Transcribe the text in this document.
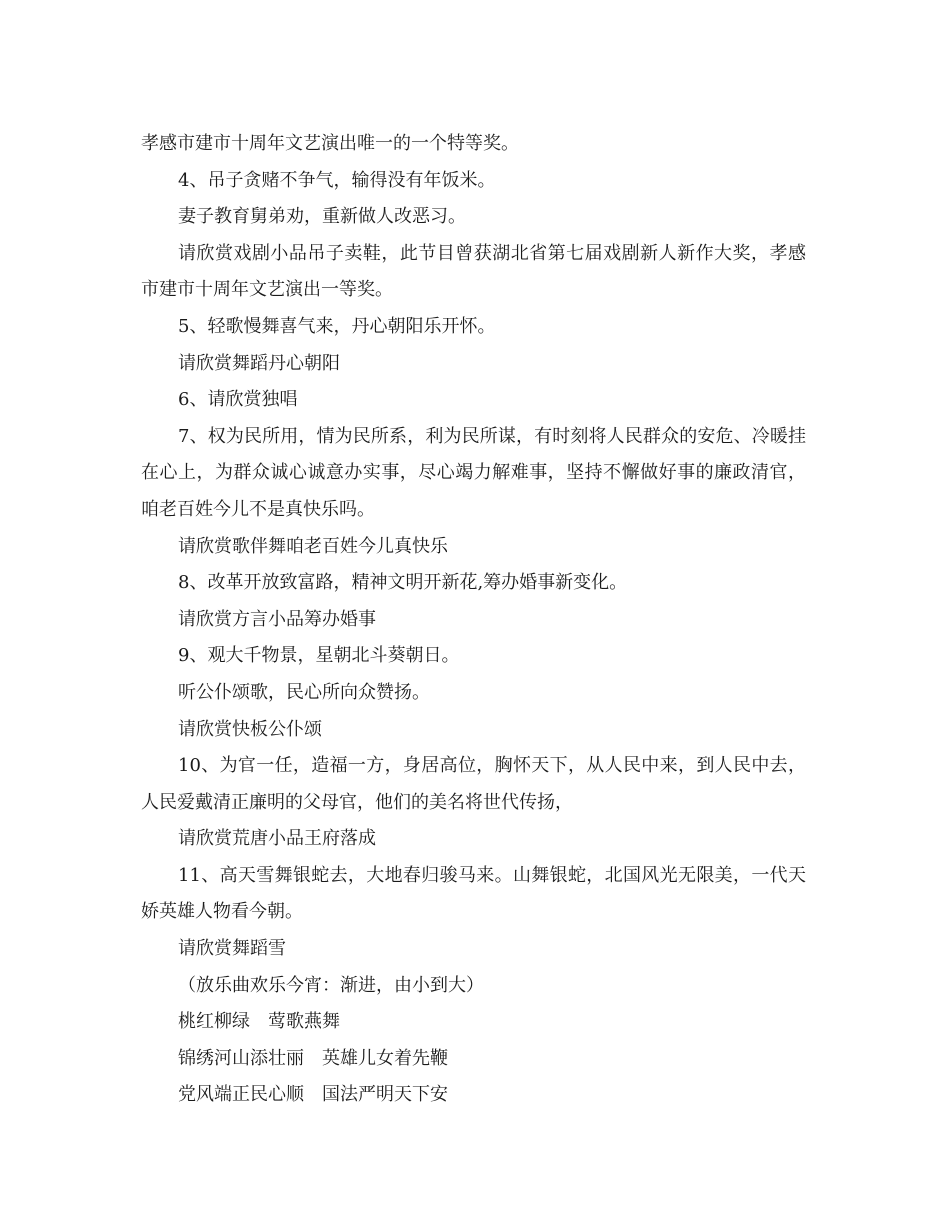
孝感市建市十周年文艺演出唯一的一个特等奖。

4、吊子贪赌不争气，输得没有年饭米。

妻子教育舅弟劝，重新做人改恶习。

请欣赏戏剧小品吊子卖鞋，此节目曾获湖北省第七届戏剧新人新作大奖，孝感市建市十周年文艺演出一等奖。

5、轻歌慢舞喜气来，丹心朝阳乐开怀。

请欣赏舞蹈丹心朝阳

6、请欣赏独唱

7、权为民所用，情为民所系，利为民所谋，有时刻将人民群众的安危、冷暖挂在心上，为群众诚心诚意办实事，尽心竭力解难事，坚持不懈做好事的廉政清官，咱老百姓今儿不是真快乐吗。

请欣赏歌伴舞咱老百姓今儿真快乐

8、改革开放致富路，精神文明开新花,筹办婚事新变化。

请欣赏方言小品筹办婚事

9、观大千物景，星朝北斗葵朝日。

听公仆颂歌，民心所向众赞扬。

请欣赏快板公仆颂

10、为官一任，造福一方，身居高位，胸怀天下，从人民中来，到人民中去，人民爱戴清正廉明的父母官，他们的美名将世代传扬，

请欣赏荒唐小品王府落成

11、高天雪舞银蛇去，大地春归骏马来。山舞银蛇，北国风光无限美，一代天娇英雄人物看今朝。

请欣赏舞蹈雪

（放乐曲欢乐今宵：渐进，由小到大）

桃红柳绿　莺歌燕舞

锦绣河山添壮丽　英雄儿女着先鞭

党风端正民心顺　国法严明天下安
